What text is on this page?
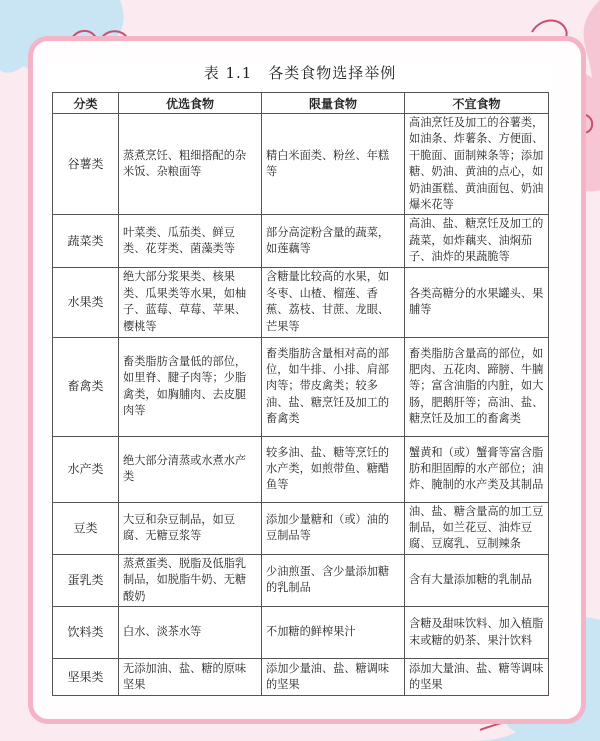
表 1.1　各类食物选择举例
分类	优选食物	限量食物	不宜食物
谷薯类	蒸煮烹饪、粗细搭配的杂米饭、杂粮面等	精白米面类、粉丝、年糕等	高油烹饪及加工的谷薯类，如油条、炸薯条、方便面、干脆面、面制辣条等；添加糖、奶油、黄油的点心，如奶油蛋糕、黄油面包、奶油爆米花等
蔬菜类	叶菜类、瓜茄类、鲜豆类、花芽类、菌藻类等	部分高淀粉含量的蔬菜，如莲藕等	高油、盐、糖烹饪及加工的蔬菜，如炸藕夹、油焖茄子、油炸的果蔬脆等
水果类	绝大部分浆果类、核果类、瓜果类等水果，如柚子、蓝莓、草莓、苹果、樱桃等	含糖量比较高的水果，如冬枣、山楂、榴莲、香蕉、荔枝、甘蔗、龙眼、芒果等	各类高糖分的水果罐头、果脯等
畜禽类	畜类脂肪含量低的部位，如里脊、腱子肉等；少脂禽类，如胸脯肉、去皮腿肉等	畜类脂肪含量相对高的部位，如牛排、小排、肩部肉等；带皮禽类；较多油、盐、糖烹饪及加工的畜禽类	畜类脂肪含量高的部位，如肥肉、五花肉、蹄膀、牛腩等；富含油脂的内脏，如大肠，肥鹅肝等；高油、盐、糖烹饪及加工的畜禽类
水产类	绝大部分清蒸或水煮水产类	较多油、盐、糖等烹饪的水产类，如煎带鱼、糖醋鱼等	蟹黄和（或）蟹膏等富含脂肪和胆固醇的水产部位；油炸、腌制的水产类及其制品
豆类	大豆和杂豆制品，如豆腐、无糖豆浆等	添加少量糖和（或）油的豆制品等	油、盐、糖含量高的加工豆制品，如兰花豆、油炸豆腐、豆腐乳、豆制辣条
蛋乳类	蒸煮蛋类、脱脂及低脂乳制品，如脱脂牛奶、无糖酸奶	少油煎蛋、含少量添加糖的乳制品	含有大量添加糖的乳制品
饮料类	白水、淡茶水等	不加糖的鲜榨果汁	含糖及甜味饮料、加入植脂末或糖的奶茶、果汁饮料
坚果类	无添加油、盐、糖的原味坚果	添加少量油、盐、糖调味的坚果	添加大量油、盐、糖等调味的坚果
